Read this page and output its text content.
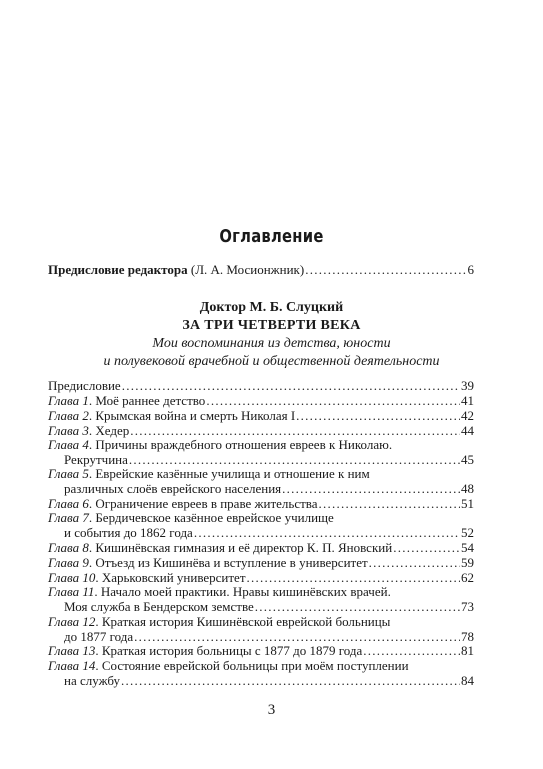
Оглавление
Предисловие редактора (Л. А. Мосионжник) . . .	6
Доктор М. Б. Слуцкий
ЗА ТРИ ЧЕТВЕРТИ ВЕКА
Мои воспоминания из детства, юности
и полувековой врачебной и общественной деятельности
Предисловие . . .	39
Глава 1. Моё раннее детство . . .	41
Глава 2. Крымская война и смерть Николая I . . .	42
Глава 3. Хедер . . .	44
Глава 4. Причины враждебного отношения евреев к Николаю.
Рекрутчина . . .	45
Глава 5. Еврейские казённые училища и отношение к ним
различных слоёв еврейского населения . . .	48
Глава 6. Ограничение евреев в праве жительства . . .	51
Глава 7. Бердичевское казённое еврейское училище
и события до 1862 года . . .	52
Глава 8. Кишинёвская гимназия и её директор К. П. Яновский . . .	54
Глава 9. Отъезд из Кишинёва и вступление в университет . . .	59
Глава 10. Харьковский университет . . .	62
Глава 11. Начало моей практики. Нравы кишинёвских врачей.
Моя служба в Бендерском земстве . . .	73
Глава 12. Краткая история Кишинёвской еврейской больницы
до 1877 года . . .	78
Глава 13. Краткая история больницы с 1877 до 1879 года . . .	81
Глава 14. Состояние еврейской больницы при моём поступлении
на службу . . .	84
3
